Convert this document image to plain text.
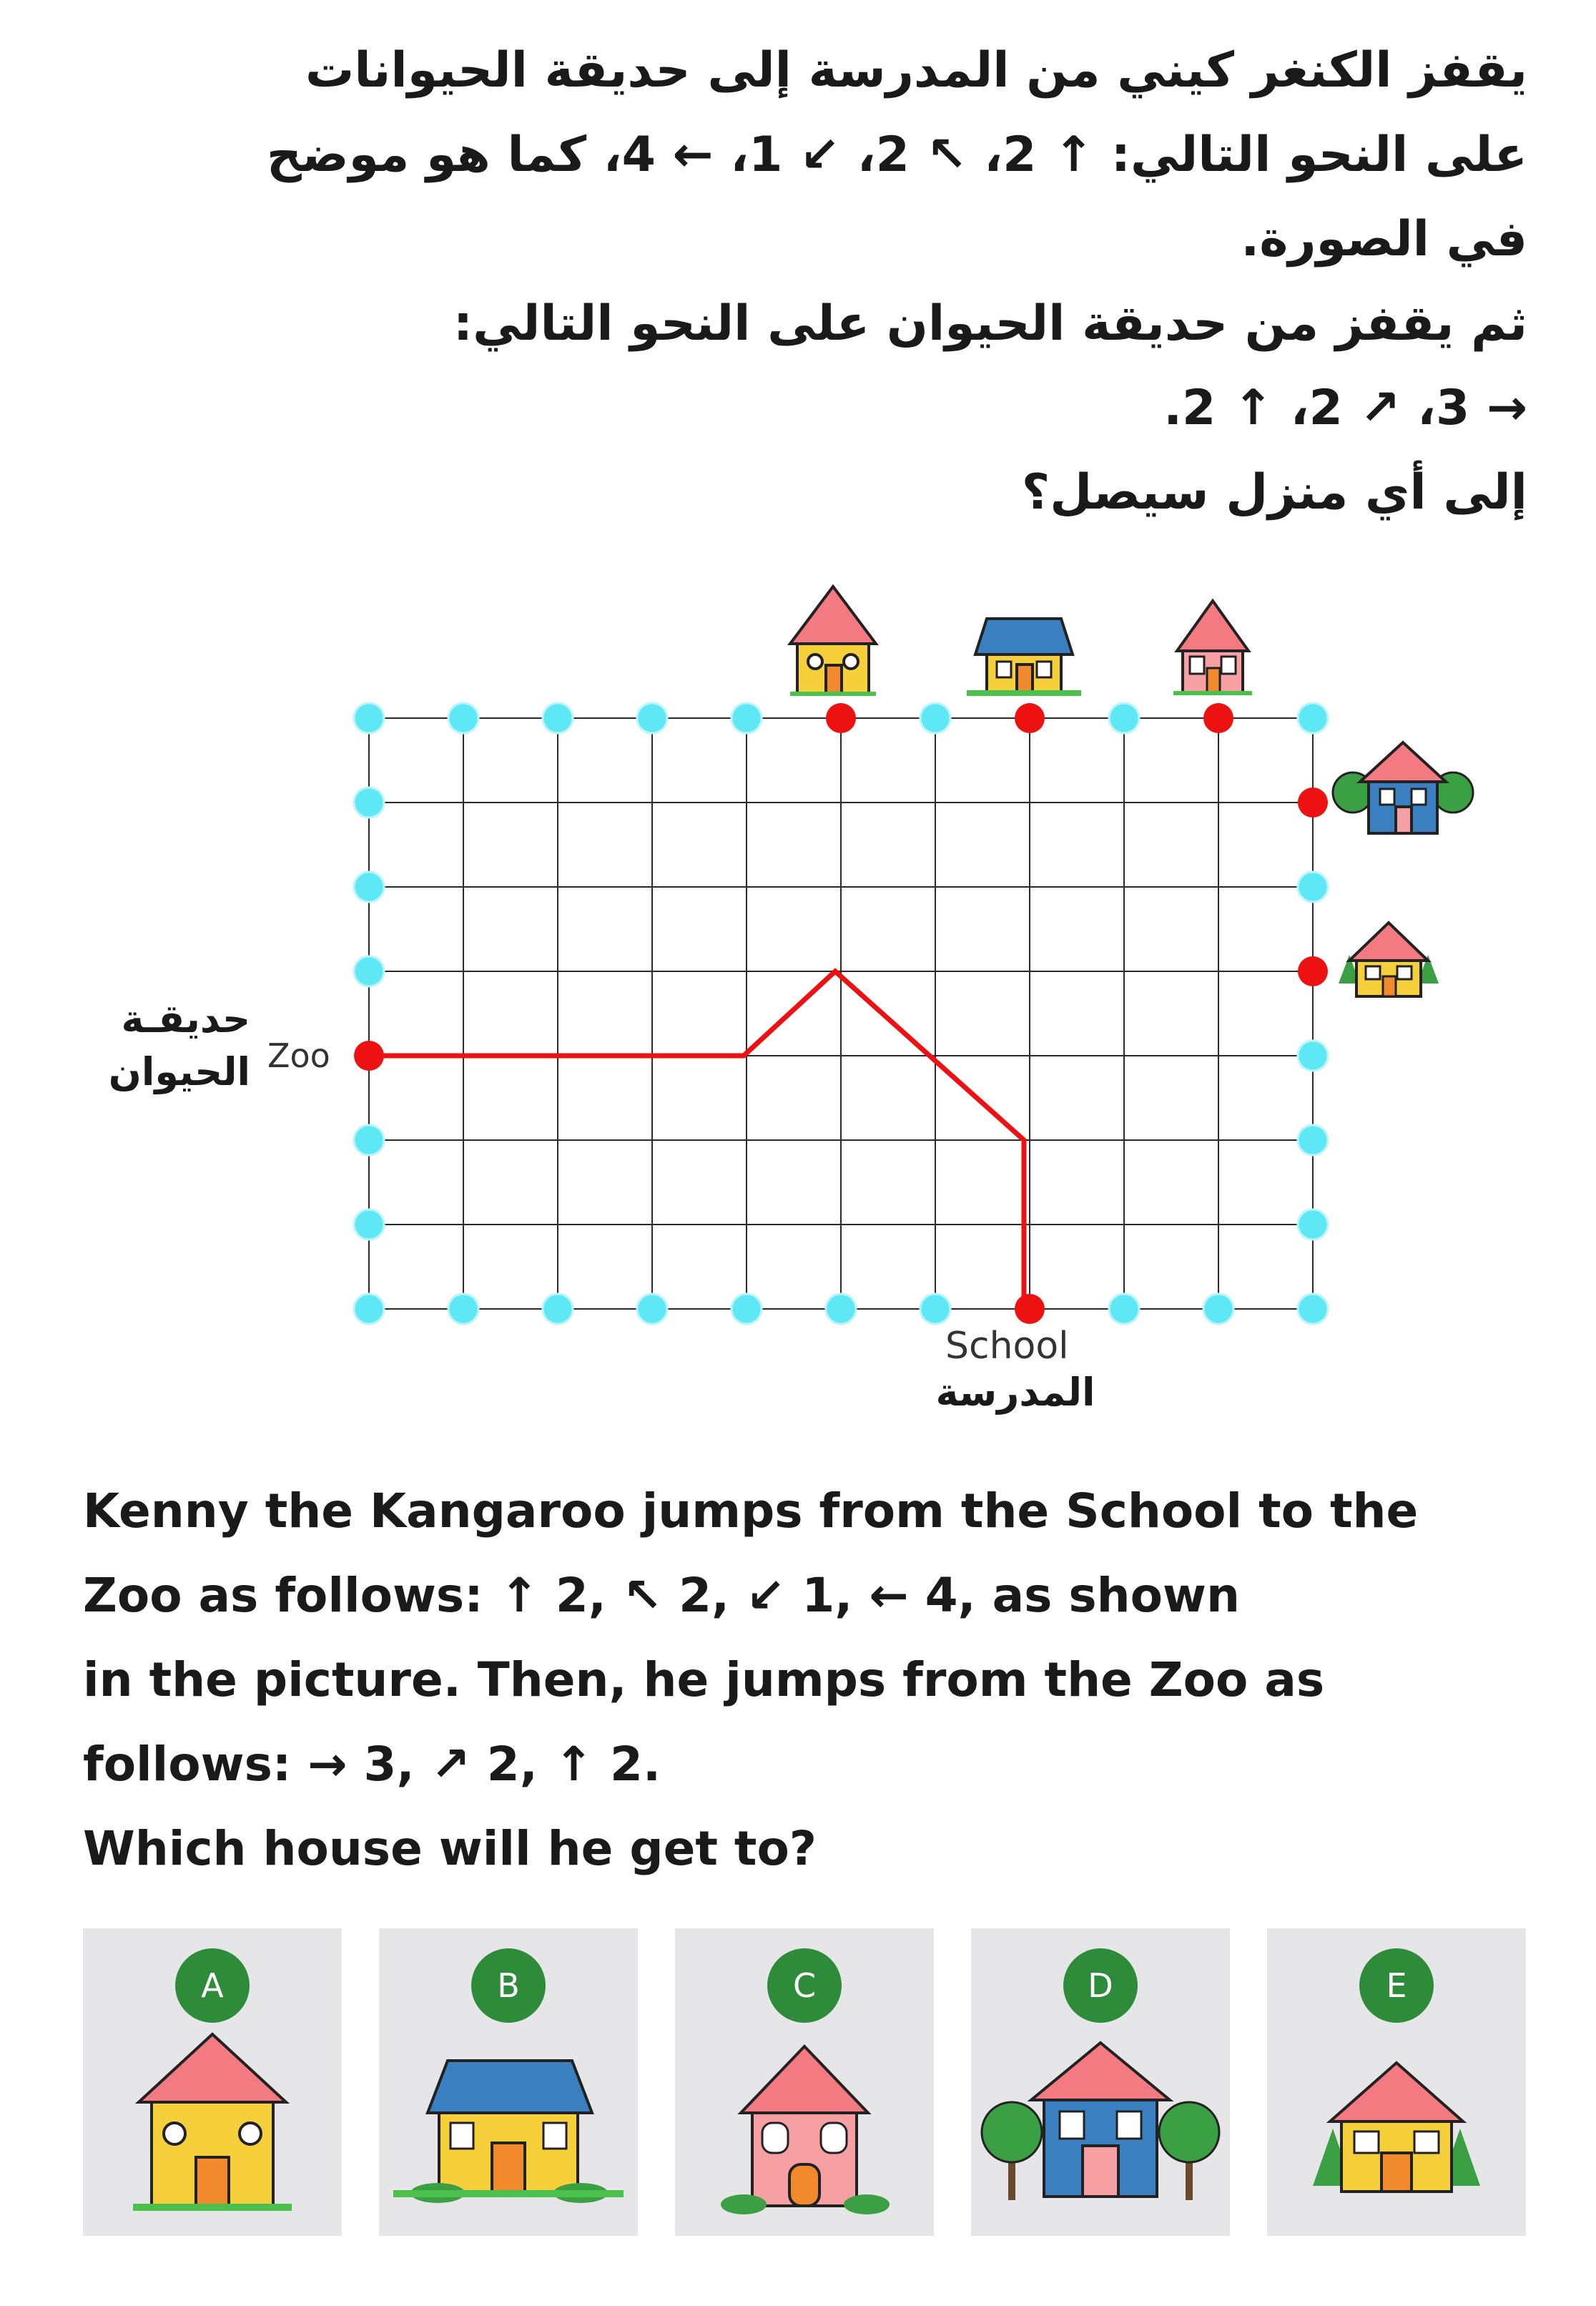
يقفز الكنغر كيني من المدرسة إلى حديقة الحيوانات
على النحو التالي: ↑ 2، ↖ 2، ↙ 1، ← 4، كما هو موضح
في الصورة.
ثم يقفز من حديقة الحيوان على النحو التالي:
→ 3، ↗ 2، ↑ 2.
إلى أي منزل سيصل؟
حديقـة
الحيوان Zoo
School
المدرسة
Kenny the Kangaroo jumps from the School to the
Zoo as follows: ↑ 2, ↖ 2, ↙ 1, ← 4, as shown
in the picture. Then, he jumps from the Zoo as
follows: → 3, ↗ 2, ↑ 2.
Which house will he get to?
A	B	C	D	E
